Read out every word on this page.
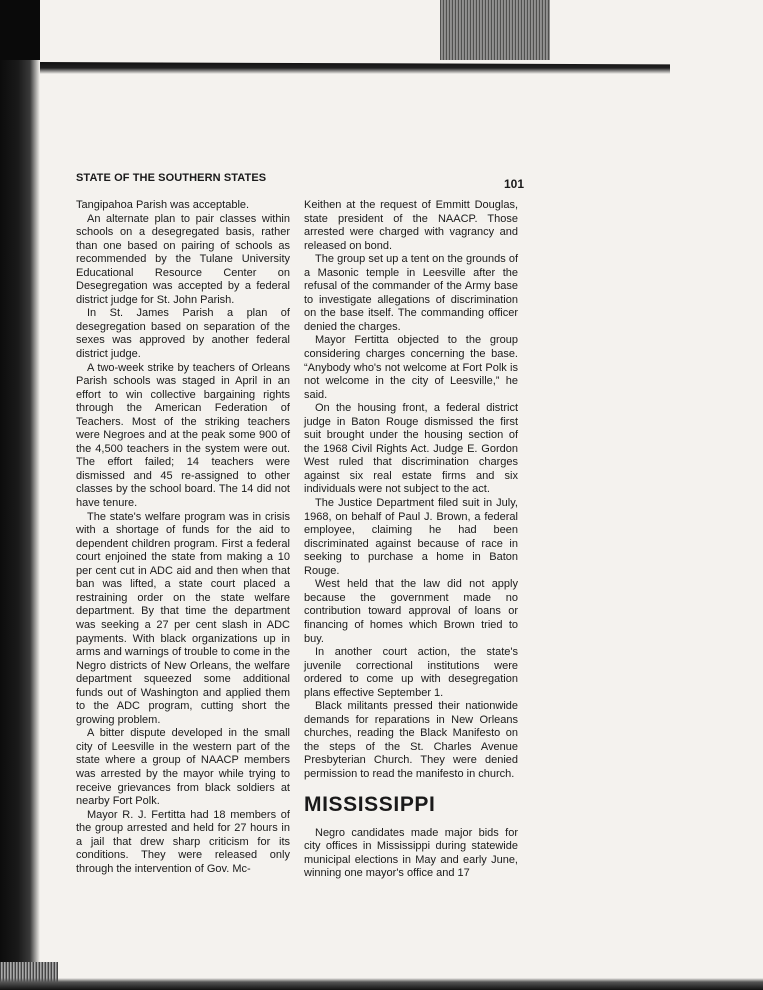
STATE OF THE SOUTHERN STATES	101

Tangipahoa Parish was acceptable.

An alternate plan to pair classes within schools on a desegregated basis, rather than one based on pairing of schools as recommended by the Tulane University Educational Resource Center on Desegregation was accepted by a federal district judge for St. John Parish.

In St. James Parish a plan of desegregation based on separation of the sexes was approved by another federal district judge.

A two-week strike by teachers of Orleans Parish schools was staged in April in an effort to win collective bargaining rights through the American Federation of Teachers. Most of the striking teachers were Negroes and at the peak some 900 of the 4,500 teachers in the system were out. The effort failed; 14 teachers were dismissed and 45 re-assigned to other classes by the school board. The 14 did not have tenure.

The state's welfare program was in crisis with a shortage of funds for the aid to dependent children program. First a federal court enjoined the state from making a 10 per cent cut in ADC aid and then when that ban was lifted, a state court placed a restraining order on the state welfare department. By that time the department was seeking a 27 per cent slash in ADC payments. With black organizations up in arms and warnings of trouble to come in the Negro districts of New Orleans, the welfare department squeezed some additional funds out of Washington and applied them to the ADC program, cutting short the growing problem.

A bitter dispute developed in the small city of Leesville in the western part of the state where a group of NAACP members was arrested by the mayor while trying to receive grievances from black soldiers at nearby Fort Polk.

Mayor R. J. Fertitta had 18 members of the group arrested and held for 27 hours in a jail that drew sharp criticism for its conditions. They were released only through the intervention of Gov. Mc-

Keithen at the request of Emmitt Douglas, state president of the NAACP. Those arrested were charged with vagrancy and released on bond.

The group set up a tent on the grounds of a Masonic temple in Leesville after the refusal of the commander of the Army base to investigate allegations of discrimination on the base itself. The commanding officer denied the charges.

Mayor Fertitta objected to the group considering charges concerning the base. “Anybody who's not welcome at Fort Polk is not welcome in the city of Leesville,” he said.

On the housing front, a federal district judge in Baton Rouge dismissed the first suit brought under the housing section of the 1968 Civil Rights Act. Judge E. Gordon West ruled that discrimination charges against six real estate firms and six individuals were not subject to the act.

The Justice Department filed suit in July, 1968, on behalf of Paul J. Brown, a federal employee, claiming he had been discriminated against because of race in seeking to purchase a home in Baton Rouge.

West held that the law did not apply because the government made no contribution toward approval of loans or financing of homes which Brown tried to buy.

In another court action, the state's juvenile correctional institutions were ordered to come up with desegregation plans effective September 1.

Black militants pressed their nationwide demands for reparations in New Orleans churches, reading the Black Manifesto on the steps of the St. Charles Avenue Presbyterian Church. They were denied permission to read the manifesto in church.

MISSISSIPPI

Negro candidates made major bids for city offices in Mississippi during statewide municipal elections in May and early June, winning one mayor's office and 17
